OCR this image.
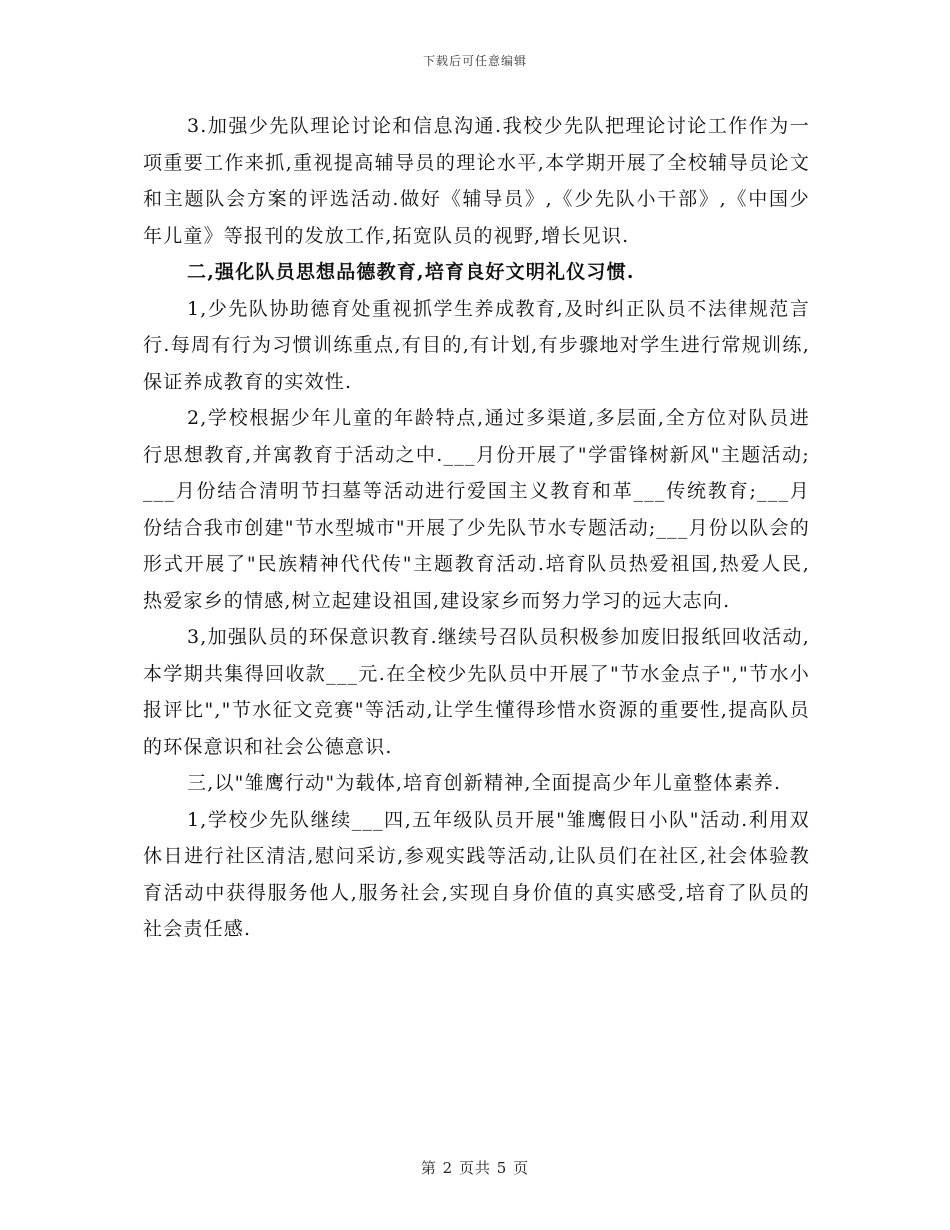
下载后可任意编辑

3.加强少先队理论讨论和信息沟通.我校少先队把理论讨论工作作为一项重要工作来抓,重视提高辅导员的理论水平,本学期开展了全校辅导员论文和主题队会方案的评选活动.做好《辅导员》,《少先队小干部》,《中国少年儿童》等报刊的发放工作,拓宽队员的视野,增长见识.

二,强化队员思想品德教育,培育良好文明礼仪习惯.

1,少先队协助德育处重视抓学生养成教育,及时纠正队员不法律规范言行.每周有行为习惯训练重点,有目的,有计划,有步骤地对学生进行常规训练,保证养成教育的实效性.

2,学校根据少年儿童的年龄特点,通过多渠道,多层面,全方位对队员进行思想教育,并寓教育于活动之中.___月份开展了"学雷锋树新风"主题活动;___月份结合清明节扫墓等活动进行爱国主义教育和革___传统教育;___月份结合我市创建"节水型城市"开展了少先队节水专题活动;___月份以队会的形式开展了"民族精神代代传"主题教育活动.培育队员热爱祖国,热爱人民,热爱家乡的情感,树立起建设祖国,建设家乡而努力学习的远大志向.

3,加强队员的环保意识教育.继续号召队员积极参加废旧报纸回收活动,本学期共集得回收款___元.在全校少先队员中开展了"节水金点子","节水小报评比","节水征文竞赛"等活动,让学生懂得珍惜水资源的重要性,提高队员的环保意识和社会公德意识.

三,以"雏鹰行动"为载体,培育创新精神,全面提高少年儿童整体素养.

1,学校少先队继续___四,五年级队员开展"雏鹰假日小队"活动.利用双休日进行社区清洁,慰问采访,参观实践等活动,让队员们在社区,社会体验教育活动中获得服务他人,服务社会,实现自身价值的真实感受,培育了队员的社会责任感.

第 2 页共 5 页
